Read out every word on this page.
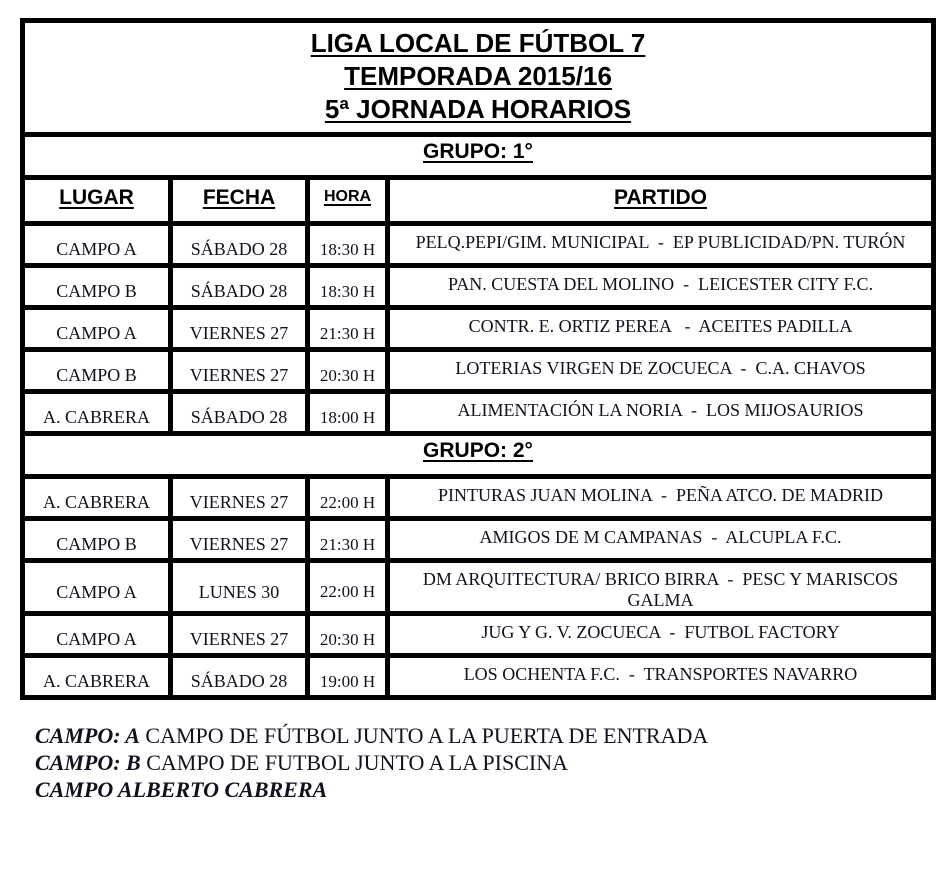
LIGA LOCAL DE FÚTBOL 7
TEMPORADA 2015/16
5ª JORNADA HORARIOS			

GRUPO: 1°			
LUGAR	FECHA	HORA	PARTIDO
CAMPO A	SÁBADO 28	18:30 H	PELQ.PEPI/GIM. MUNICIPAL  -  EP PUBLICIDAD/PN. TURÓN
CAMPO B	SÁBADO 28	18:30 H	PAN. CUESTA DEL MOLINO  -  LEICESTER CITY F.C.
CAMPO A	VIERNES 27	21:30 H	CONTR. E. ORTIZ PEREA   -  ACEITES PADILLA
CAMPO B	VIERNES 27	20:30 H	LOTERIAS VIRGEN DE ZOCUECA  -  C.A. CHAVOS
A. CABRERA	SÁBADO 28	18:00 H	ALIMENTACIÓN LA NORIA  -  LOS MIJOSAURIOS
GRUPO: 2°			
A. CABRERA	VIERNES 27	22:00 H	PINTURAS JUAN MOLINA  -  PEÑA ATCO. DE MADRID
CAMPO B	VIERNES 27	21:30 H	AMIGOS DE M CAMPANAS  -  ALCUPLA F.C.
CAMPO A	LUNES 30	22:00 H	DM ARQUITECTURA/ BRICO BIRRA  -  PESC Y MARISCOS GALMA
CAMPO A	VIERNES 27	20:30 H	JUG Y G. V. ZOCUECA  -  FUTBOL FACTORY
A. CABRERA	SÁBADO 28	19:00 H	LOS OCHENTA F.C.  -  TRANSPORTES NAVARRO
CAMPO: A CAMPO DE FÚTBOL JUNTO A LA PUERTA DE ENTRADA
CAMPO: B CAMPO DE FUTBOL JUNTO A LA PISCINA
CAMPO ALBERTO CABRERA
